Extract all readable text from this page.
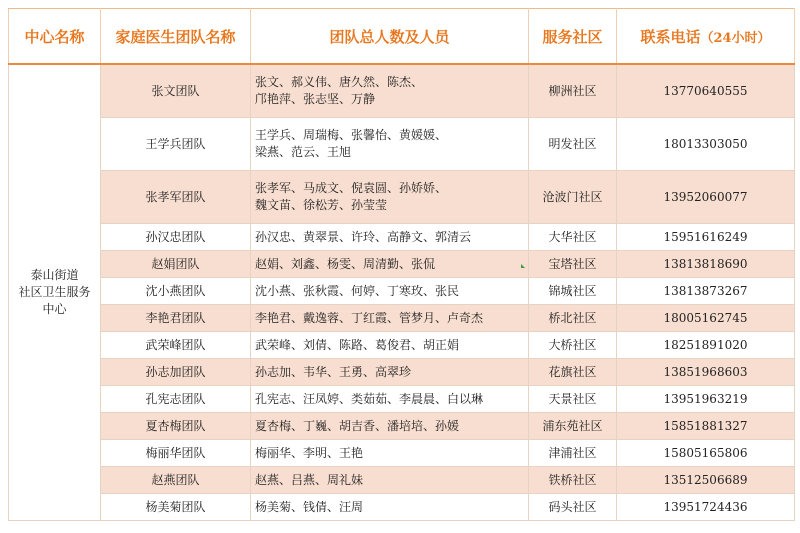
中心名称	家庭医生团队名称	团队总人数及人员	服务社区	联系电话（24小时）

泰山街道
社区卫生服务
中心	张文团队	张文、郝义伟、唐久然、陈杰、
邝艳萍、张志坚、万静	柳洲社区	13770640555
	王学兵团队	王学兵、周瑞梅、张馨怡、黄媛媛、
梁燕、范云、王旭	明发社区	18013303050
	张孝军团队	张孝军、马成文、倪袁圆、孙娇娇、
魏文苗、徐松芳、孙莹莹	沧波门社区	13952060077
	孙汉忠团队	孙汉忠、黄翠景、许玲、高静文、郭清云	大华社区	15951616249
	赵娟团队	赵娟、刘鑫、杨雯、周清勤、张侃	宝塔社区	13813818690
	沈小燕团队	沈小燕、张秋霞、何婷、丁寒玫、张民	锦城社区	13813873267
	李艳君团队	李艳君、戴逸蓉、丁红霞、管梦月、卢奇杰	桥北社区	18005162745
	武荣峰团队	武荣峰、刘倩、陈路、葛俊君、胡正娟	大桥社区	18251891020
	孙志加团队	孙志加、韦华、王勇、高翠珍	花旗社区	13851968603
	孔宪志团队	孔宪志、汪凤婷、类茹茹、李晨晨、白以琳	天景社区	13951963219
	夏杏梅团队	夏杏梅、丁巍、胡吉香、潘培培、孙媛	浦东苑社区	15851881327
	梅丽华团队	梅丽华、李明、王艳	津浦社区	15805165806
	赵燕团队	赵燕、吕燕、周礼妹	铁桥社区	13512506689
	杨美菊团队	杨美菊、钱倩、汪周	码头社区	13951724436
